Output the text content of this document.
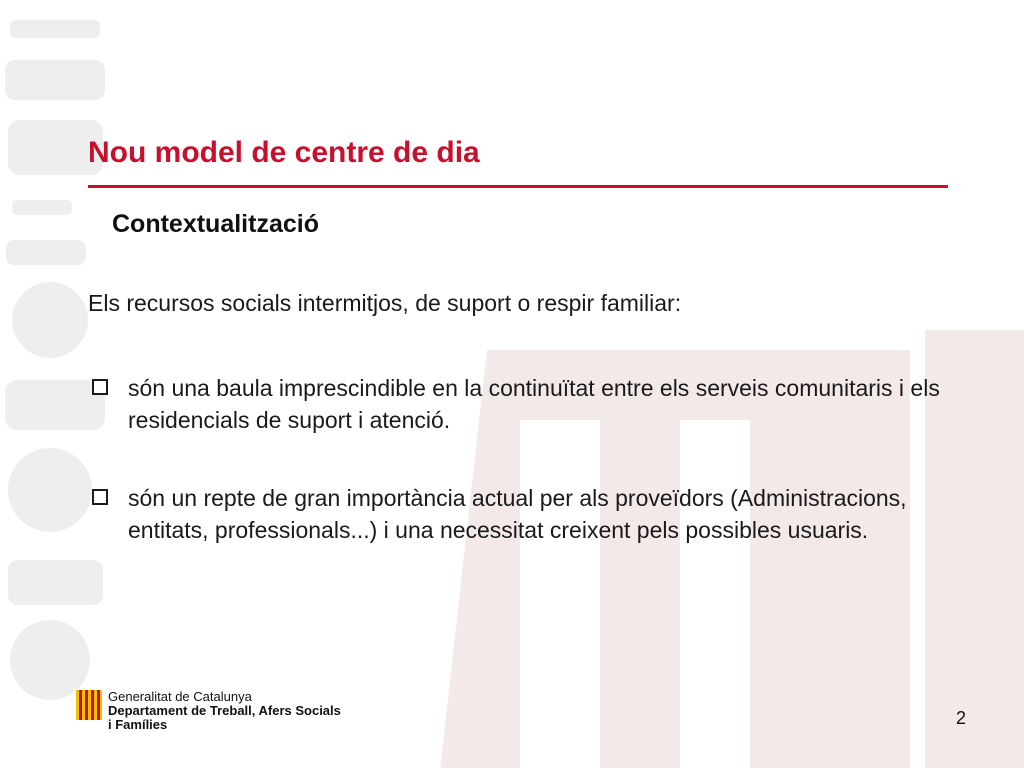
Nou model de centre de dia
Contextualització

Els recursos socials intermitjos, de suport o respir familiar:

són una baula imprescindible en la continuïtat entre els serveis comunitaris i els residencials de suport i atenció.
són un repte de gran importància actual per als proveïdors (Administracions, entitats, professionals...) i una necessitat creixent pels possibles usuaris.
Generalitat de Catalunya
Departament de Treball, Afers Socials
i Famílies	2
